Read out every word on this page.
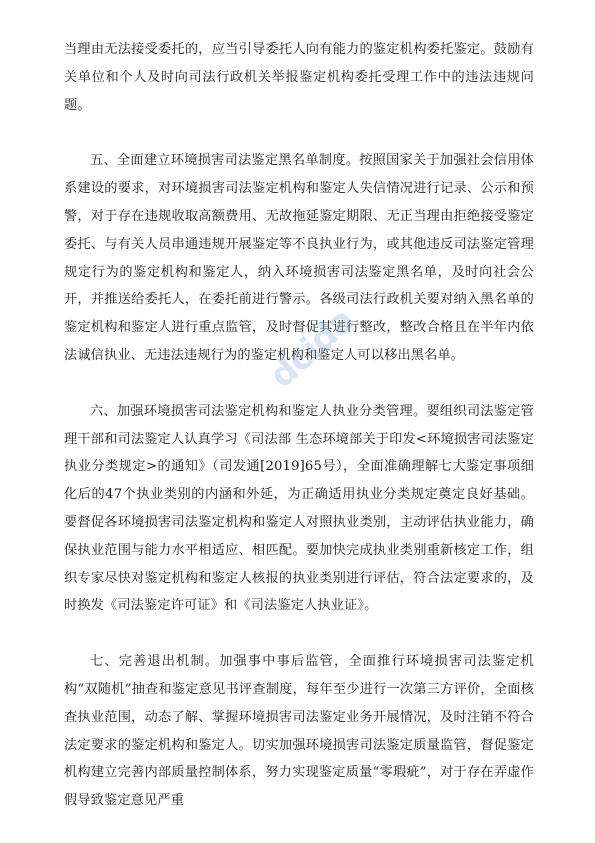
当理由无法接受委托的，应当引导委托人向有能力的鉴定机构委托鉴定。鼓励有关单位和个人及时向司法行政机关举报鉴定机构委托受理工作中的违法违规问题。

五、全面建立环境损害司法鉴定黑名单制度。按照国家关于加强社会信用体系建设的要求，对环境损害司法鉴定机构和鉴定人失信情况进行记录、公示和预警，对于存在违规收取高额费用、无故拖延鉴定期限、无正当理由拒绝接受鉴定委托、与有关人员串通违规开展鉴定等不良执业行为，或其他违反司法鉴定管理规定行为的鉴定机构和鉴定人，纳入环境损害司法鉴定黑名单，及时向社会公开，并推送给委托人，在委托前进行警示。各级司法行政机关要对纳入黑名单的鉴定机构和鉴定人进行重点监管，及时督促其进行整改，整改合格且在半年内依法诚信执业、无违法违规行为的鉴定机构和鉴定人可以移出黑名单。

六、加强环境损害司法鉴定机构和鉴定人执业分类管理。要组织司法鉴定管理干部和司法鉴定人认真学习《司法部 生态环境部关于印发<环境损害司法鉴定执业分类规定>的通知》（司发通[2019]65号），全面准确理解七大鉴定事项细化后的47个执业类别的内涵和外延，为正确适用执业分类规定奠定良好基础。要督促各环境损害司法鉴定机构和鉴定人对照执业类别，主动评估执业能力，确保执业范围与能力水平相适应、相匹配。要加快完成执业类别重新核定工作，组织专家尽快对鉴定机构和鉴定人核报的执业类别进行评估，符合法定要求的，及时换发《司法鉴定许可证》和《司法鉴定人执业证》。

七、完善退出机制。加强事中事后监管，全面推行环境损害司法鉴定机构“双随机”抽查和鉴定意见书评查制度，每年至少进行一次第三方评价，全面核查执业范围，动态了解、掌握环境损害司法鉴定业务开展情况，及时注销不符合法定要求的鉴定机构和鉴定人。切实加强环境损害司法鉴定质量监管，督促鉴定机构建立完善内部质量控制体系，努力实现鉴定质量“零瑕疵”，对于存在弄虚作假导致鉴定意见严重

dcida
